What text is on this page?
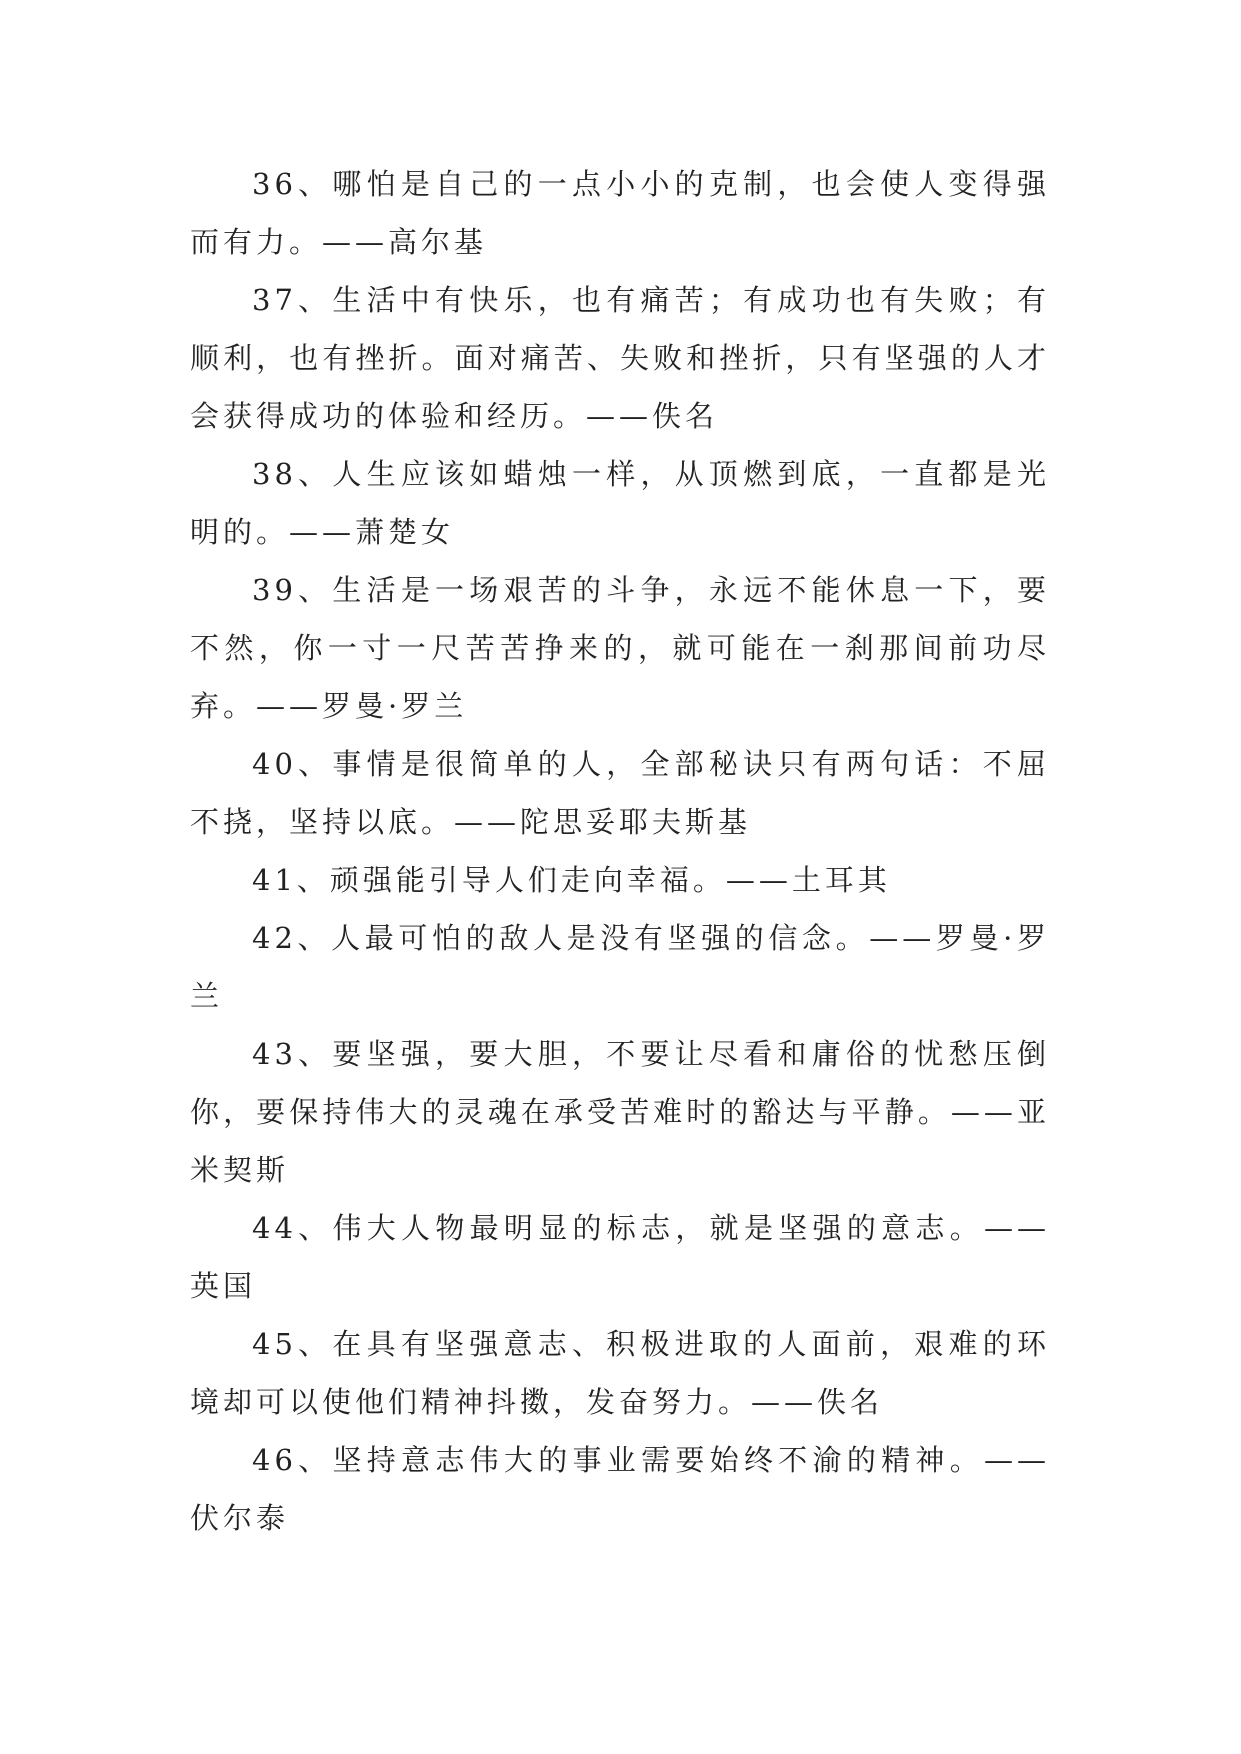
36、哪怕是自己的一点小小的克制，也会使人变得强而有力。——高尔基

37、生活中有快乐，也有痛苦；有成功也有失败；有顺利，也有挫折。面对痛苦、失败和挫折，只有坚强的人才会获得成功的体验和经历。——佚名

38、人生应该如蜡烛一样，从顶燃到底，一直都是光明的。——萧楚女

39、生活是一场艰苦的斗争，永远不能休息一下，要不然，你一寸一尺苦苦挣来的，就可能在一刹那间前功尽弃。——罗曼·罗兰

40、事情是很简单的人，全部秘诀只有两句话：不屈不挠，坚持以底。——陀思妥耶夫斯基

41、顽强能引导人们走向幸福。——土耳其

42、人最可怕的敌人是没有坚强的信念。——罗曼·罗兰

43、要坚强，要大胆，不要让尽看和庸俗的忧愁压倒你，要保持伟大的灵魂在承受苦难时的豁达与平静。——亚米契斯

44、伟大人物最明显的标志，就是坚强的意志。——英国

45、在具有坚强意志、积极进取的人面前，艰难的环境却可以使他们精神抖擞，发奋努力。——佚名

46、坚持意志伟大的事业需要始终不渝的精神。——伏尔泰
